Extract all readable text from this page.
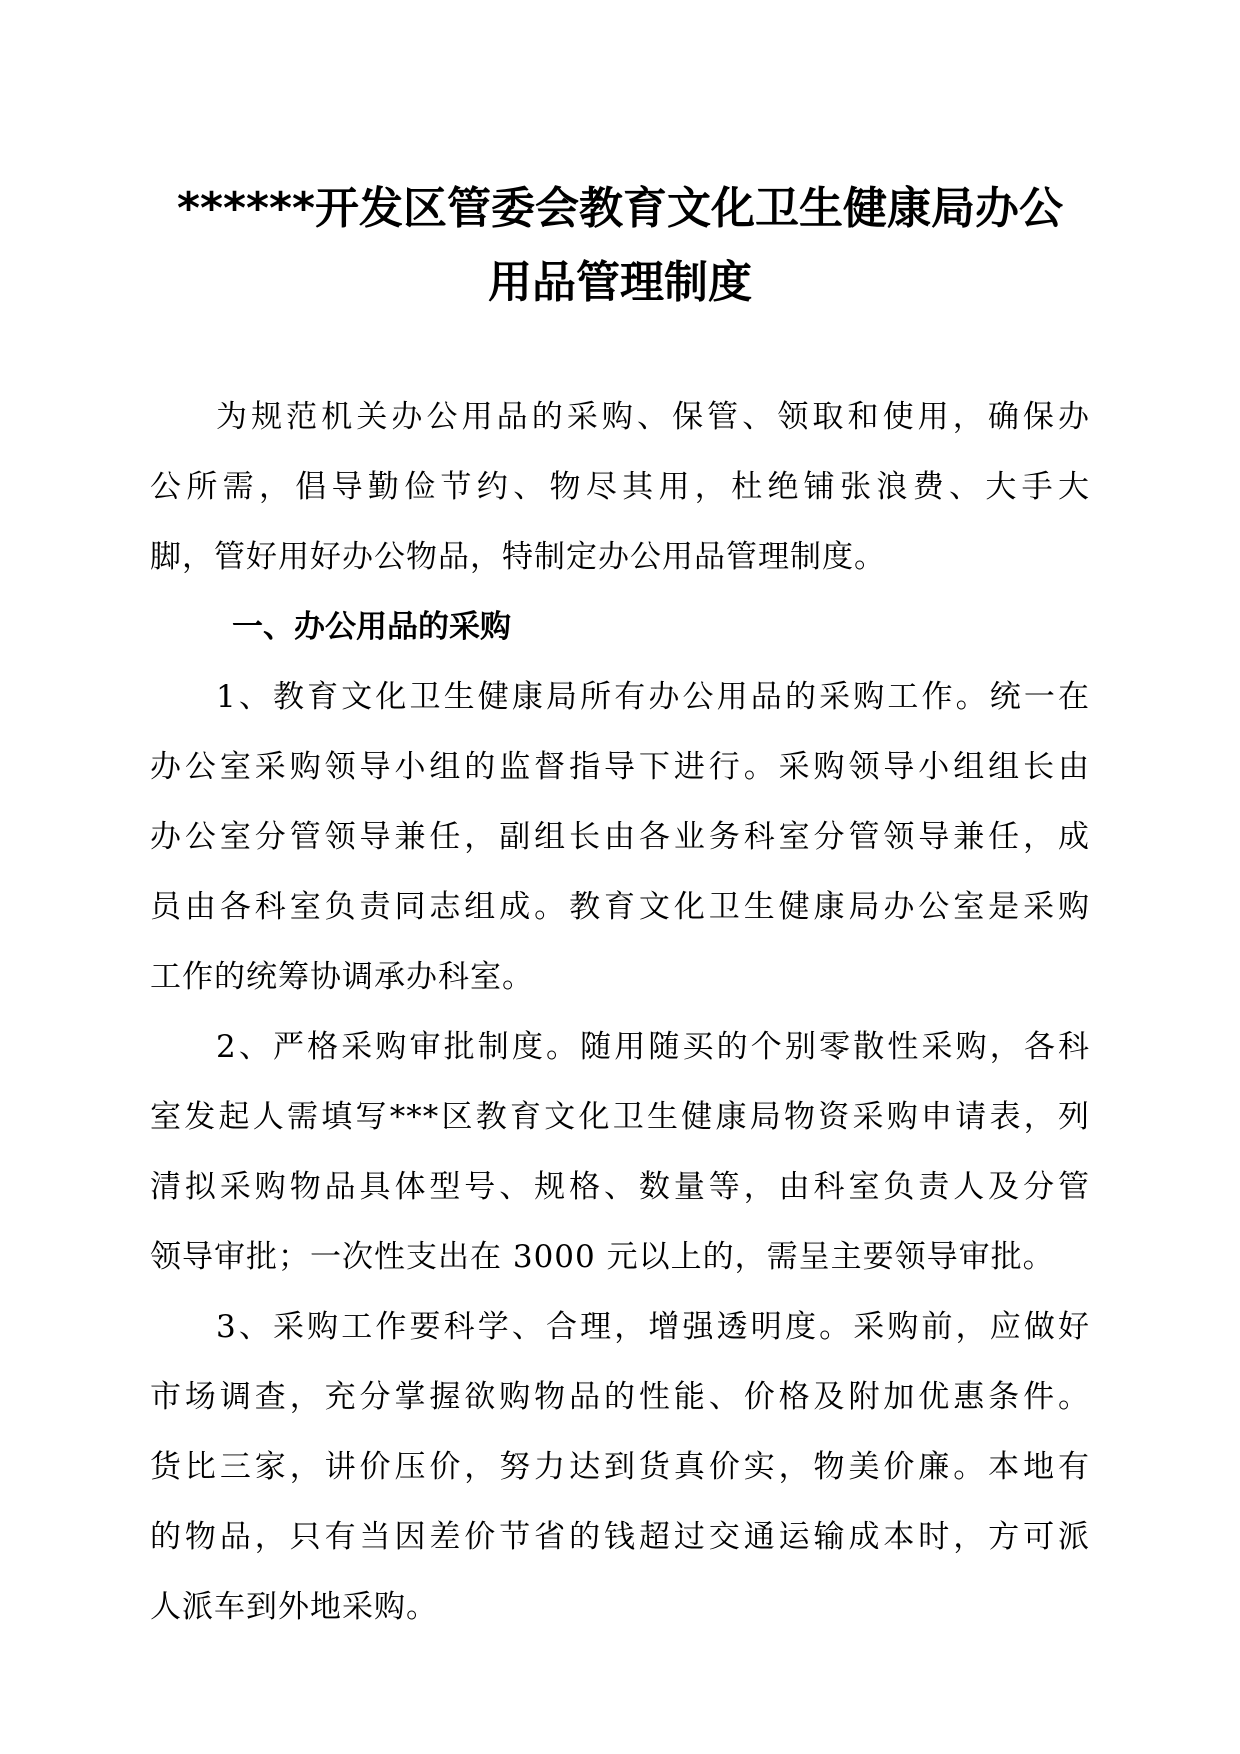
******开发区管委会教育文化卫生健康局办公
用品管理制度

为规范机关办公用品的采购、保管、领取和使用，确保办
公所需，倡导勤俭节约、物尽其用，杜绝铺张浪费、大手大
脚，管好用好办公物品，特制定办公用品管理制度。

一、办公用品的采购

1、教育文化卫生健康局所有办公用品的采购工作。统一在
办公室采购领导小组的监督指导下进行。采购领导小组组长由
办公室分管领导兼任，副组长由各业务科室分管领导兼任，成
员由各科室负责同志组成。教育文化卫生健康局办公室是采购
工作的统筹协调承办科室。

2、严格采购审批制度。随用随买的个别零散性采购，各科
室发起人需填写***区教育文化卫生健康局物资采购申请表，列
清拟采购物品具体型号、规格、数量等，由科室负责人及分管
领导审批；一次性支出在 3000 元以上的，需呈主要领导审批。

3、采购工作要科学、合理，增强透明度。采购前，应做好
市场调查，充分掌握欲购物品的性能、价格及附加优惠条件。
货比三家，讲价压价，努力达到货真价实，物美价廉。本地有
的物品，只有当因差价节省的钱超过交通运输成本时，方可派
人派车到外地采购。
